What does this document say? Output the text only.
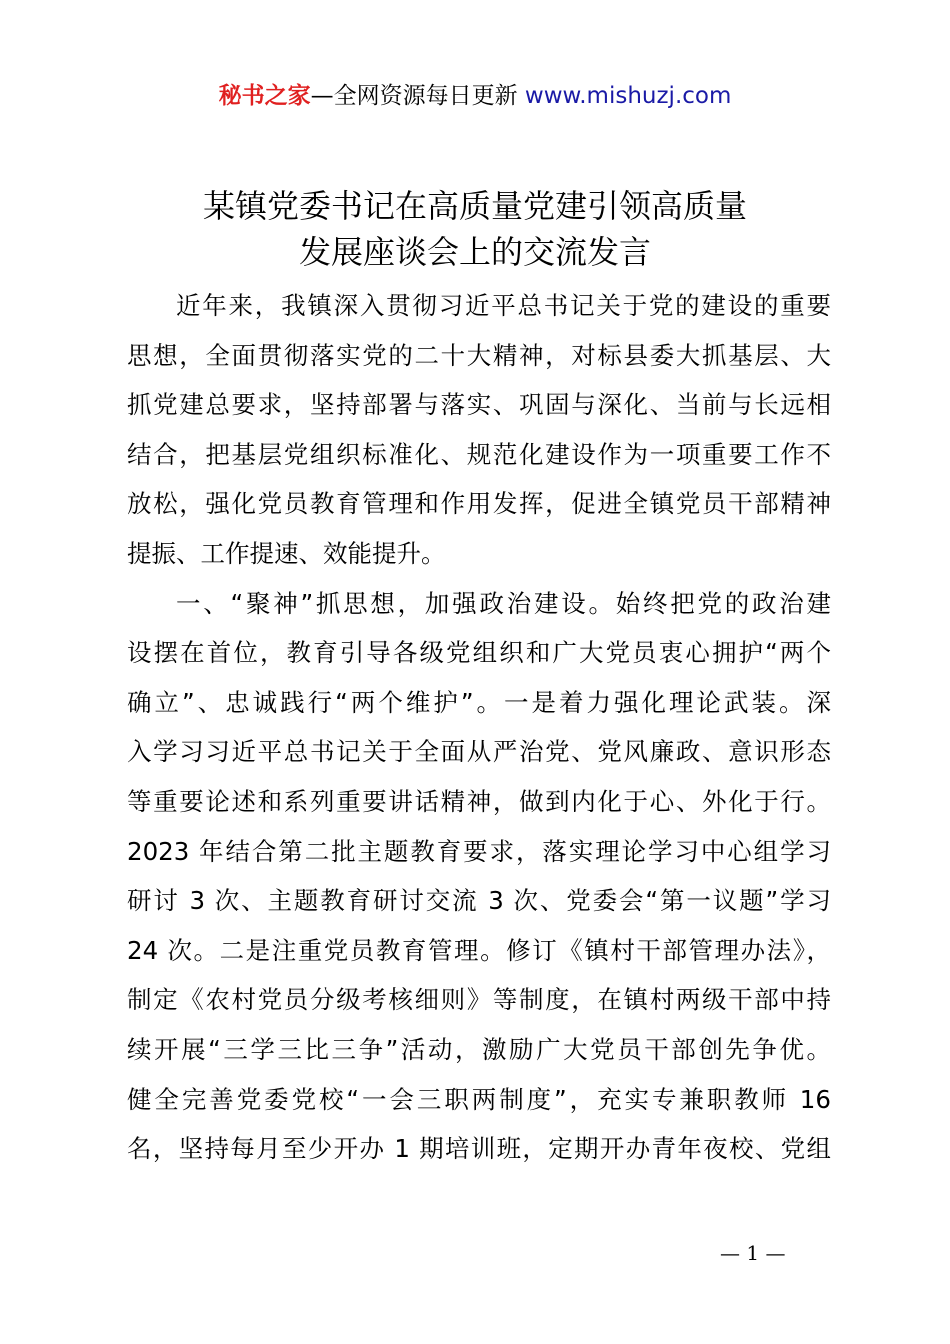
秘书之家—全网资源每日更新 www.mishuzj.com
某镇党委书记在高质量党建引领高质量
发展座谈会上的交流发言
近年来，我镇深入贯彻习近平总书记关于党的建设的重要
思想，全面贯彻落实党的二十大精神，对标县委大抓基层、大
抓党建总要求，坚持部署与落实、巩固与深化、当前与长远相
结合，把基层党组织标准化、规范化建设作为一项重要工作不
放松，强化党员教育管理和作用发挥，促进全镇党员干部精神
提振、工作提速、效能提升。
一、“聚神”抓思想，加强政治建设。始终把党的政治建
设摆在首位，教育引导各级党组织和广大党员衷心拥护“两个
确立”、忠诚践行“两个维护”。一是着力强化理论武装。深
入学习习近平总书记关于全面从严治党、党风廉政、意识形态
等重要论述和系列重要讲话精神，做到内化于心、外化于行。
2023 年结合第二批主题教育要求，落实理论学习中心组学习
研讨 3 次、主题教育研讨交流 3 次、党委会“第一议题”学习
24 次。二是注重党员教育管理。修订《镇村干部管理办法》，
制定《农村党员分级考核细则》等制度，在镇村两级干部中持
续开展“三学三比三争”活动，激励广大党员干部创先争优。
健全完善党委党校“一会三职两制度”，充实专兼职教师 16
名，坚持每月至少开办 1 期培训班，定期开办青年夜校、党组
— 1 —
